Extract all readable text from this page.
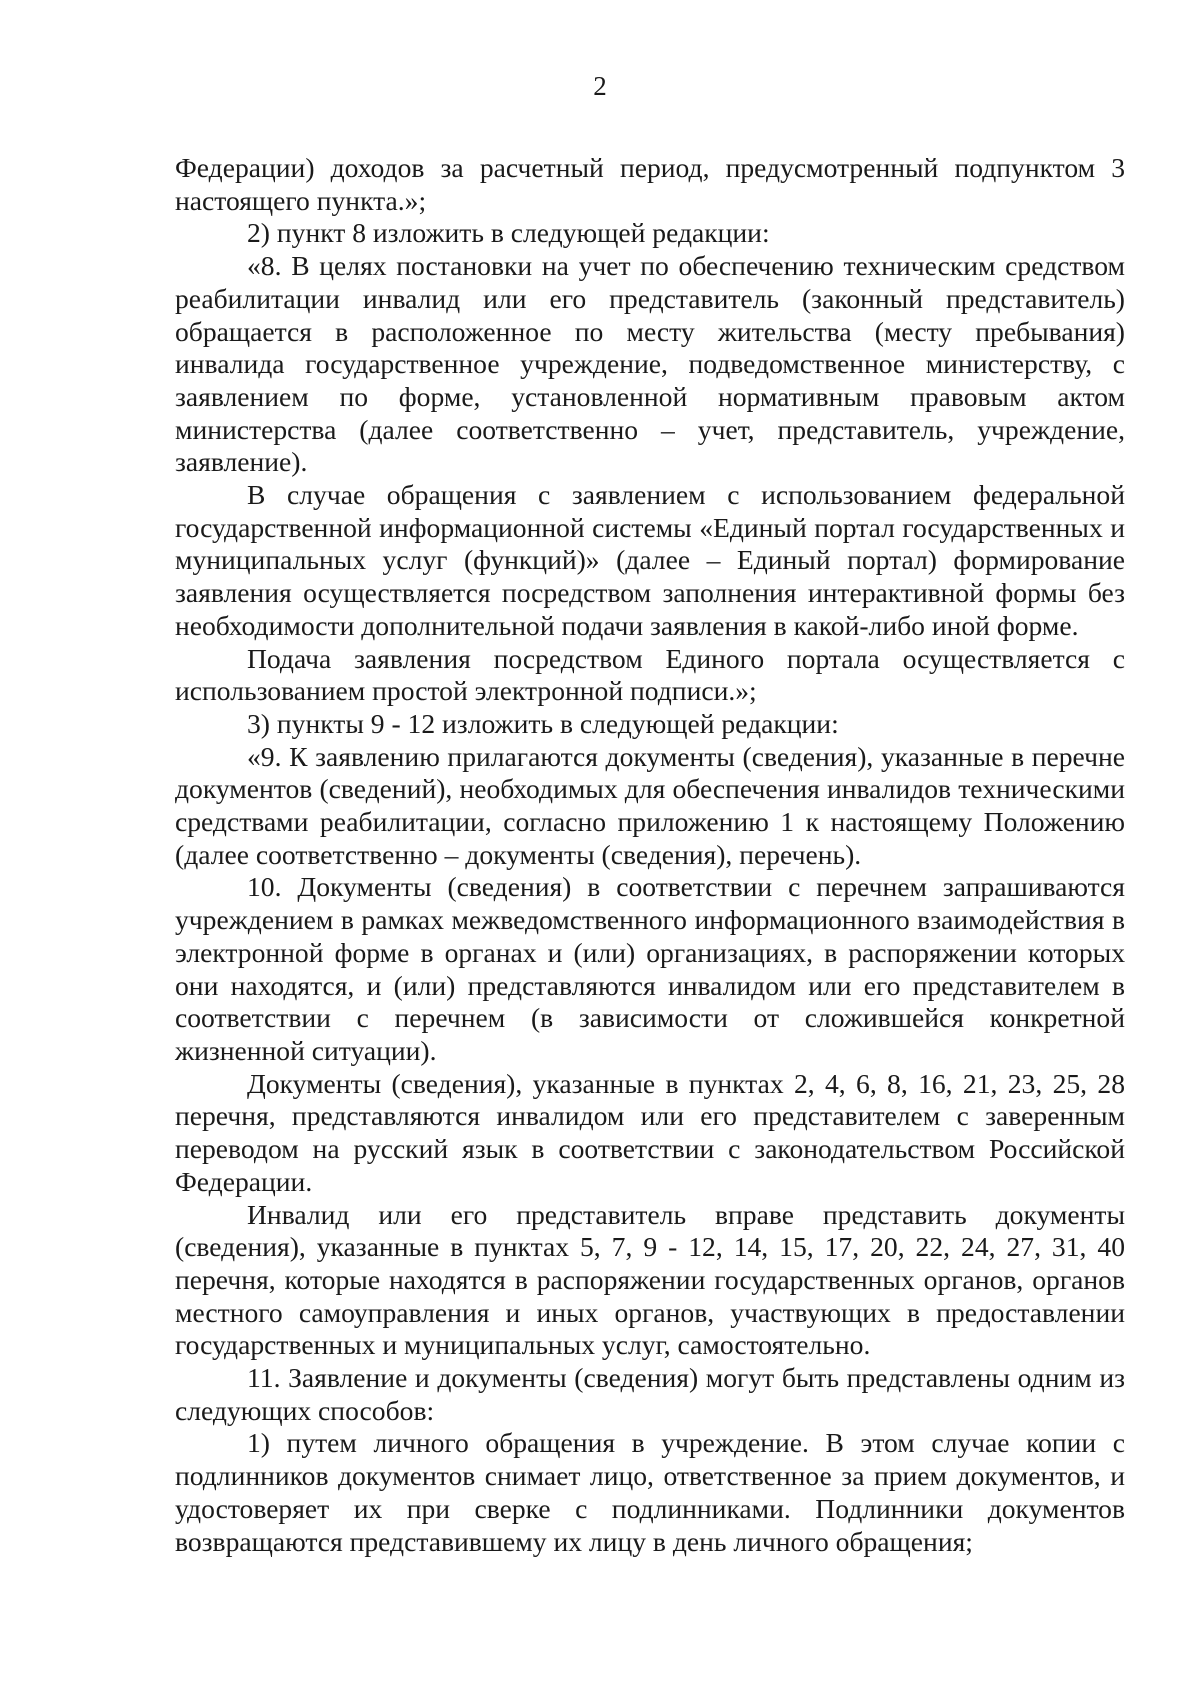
2

Федерации) доходов за расчетный период, предусмотренный подпунктом 3 настоящего пункта.»;

2) пункт 8 изложить в следующей редакции:

«8. В целях постановки на учет по обеспечению техническим средством реабилитации инвалид или его представитель (законный представитель) обращается в расположенное по месту жительства (месту пребывания) инвалида государственное учреждение, подведомственное министерству, с заявлением по форме, установленной нормативным правовым актом министерства (далее соответственно – учет, представитель, учреждение, заявление).

В случае обращения с заявлением с использованием федеральной государственной информационной системы «Единый портал государственных и муниципальных услуг (функций)» (далее – Единый портал) формирование заявления осуществляется посредством заполнения интерактивной формы без необходимости дополнительной подачи заявления в какой-либо иной форме.

Подача заявления посредством Единого портала осуществляется с использованием простой электронной подписи.»;

3) пункты 9 - 12 изложить в следующей редакции:

«9. К заявлению прилагаются документы (сведения), указанные в перечне документов (сведений), необходимых для обеспечения инвалидов техническими средствами реабилитации, согласно приложению 1 к настоящему Положению (далее соответственно – документы (сведения), перечень).

10. Документы (сведения) в соответствии с перечнем запрашиваются учреждением в рамках межведомственного информационного взаимодействия в электронной форме в органах и (или) организациях, в распоряжении которых они находятся, и (или) представляются инвалидом или его представителем в соответствии с перечнем (в зависимости от сложившейся конкретной жизненной ситуации).

Документы (сведения), указанные в пунктах 2, 4, 6, 8, 16, 21, 23, 25, 28 перечня, представляются инвалидом или его представителем с заверенным переводом на русский язык в соответствии с законодательством Российской Федерации.

Инвалид или его представитель вправе представить документы (сведения), указанные в пунктах 5, 7, 9 - 12, 14, 15, 17, 20, 22, 24, 27, 31, 40 перечня, которые находятся в распоряжении государственных органов, органов местного самоуправления и иных органов, участвующих в предоставлении государственных и муниципальных услуг, самостоятельно.

11. Заявление и документы (сведения) могут быть представлены одним из следующих способов:

1) путем личного обращения в учреждение. В этом случае копии с подлинников документов снимает лицо, ответственное за прием документов, и удостоверяет их при сверке с подлинниками. Подлинники документов возвращаются представившему их лицу в день личного обращения;
